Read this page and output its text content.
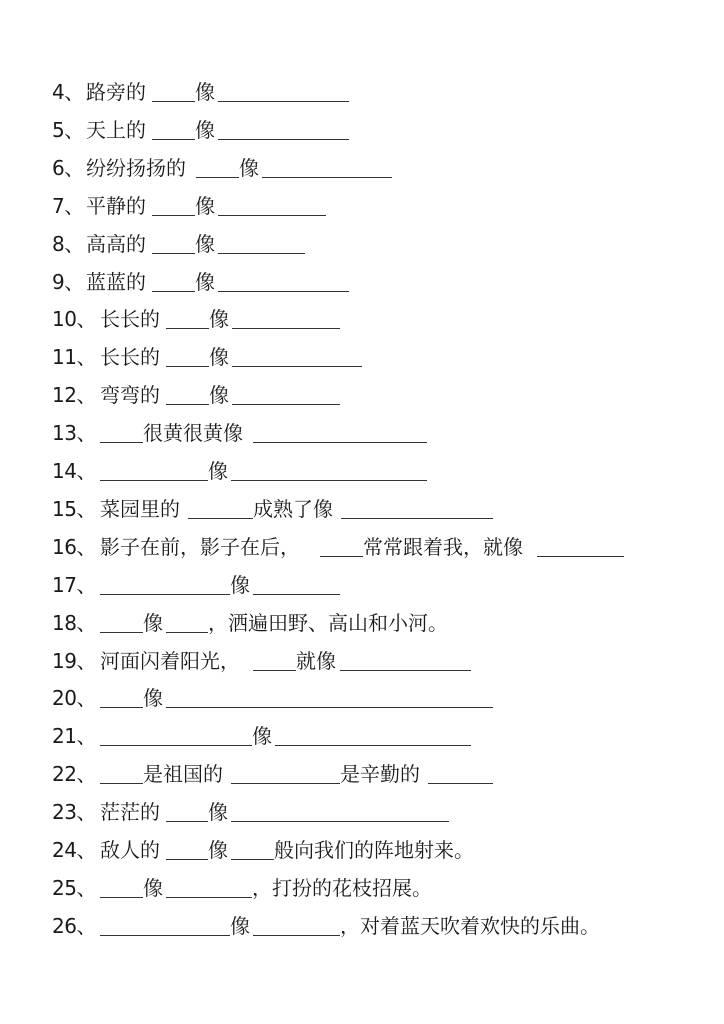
4、 路旁的	像
5、 天上的	像
6、 纷纷扬扬的	像
7、 平静的	像
8、 高高的	像
9、 蓝蓝的	像
10、 长长的	像
11、 长长的	像
12、 弯弯的	像
13、 很黄很黄像
14、	像
15、 菜园里的	成熟了像
16、 影子在前，影子在后，	常常跟着我，就像
17、	像
18、 像 ，洒遍田野、高山和小河。
19、 河面闪着阳光，	就像
20、 像
21、	像
22、 是祖国的	是辛勤的
23、 茫茫的	像
24、 敌人的	像 般向我们的阵地射来。
25、 像	，打扮的花枝招展。
26、	像	，对着蓝天吹着欢快的乐曲。
